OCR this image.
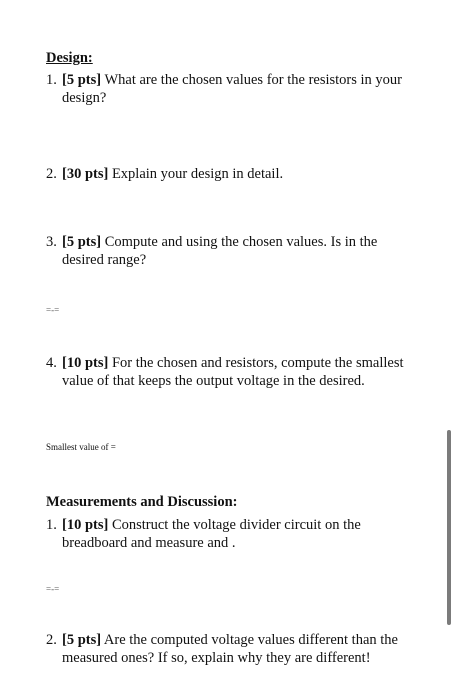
Design:
1. [5 pts] What are the chosen values for the resistors in your design?
2. [30 pts] Explain your design in detail.
3. [5 pts] Compute and using the chosen values. Is in the desired range?
=-=
4. [10 pts] For the chosen and resistors, compute the smallest value of that keeps the output voltage in the desired.
Smallest value of =
Measurements and Discussion:
1. [10 pts] Construct the voltage divider circuit on the breadboard and measure and .
=-=
2. [5 pts] Are the computed voltage values different than the measured ones? If so, explain why they are different!
